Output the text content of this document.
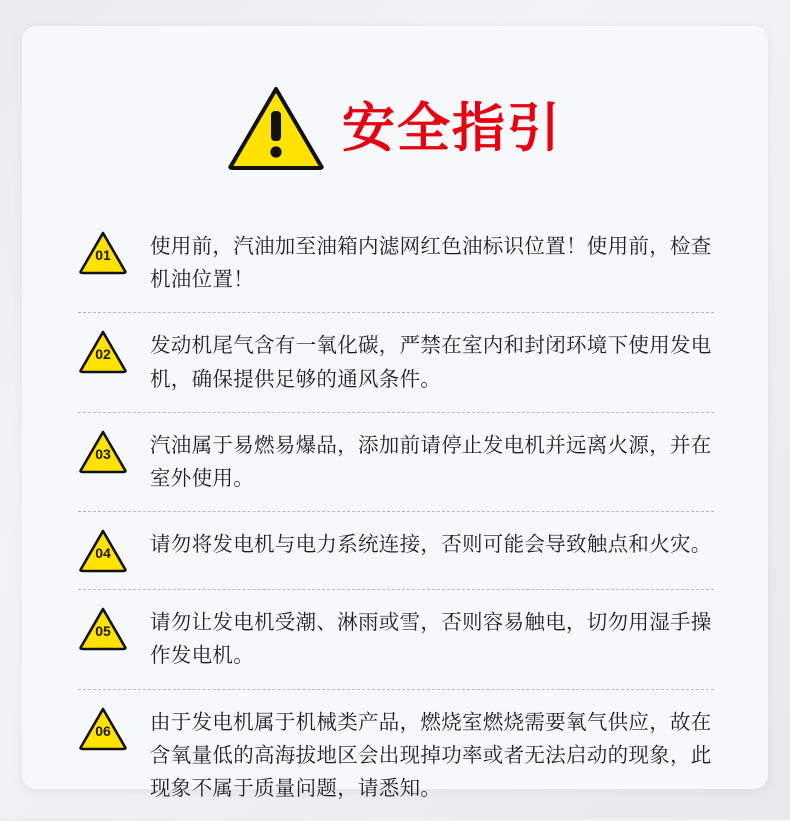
安全指引
01	使用前，汽油加至油箱内滤网红色油标识位置！使用前，检查机油位置！
02	发动机尾气含有一氧化碳，严禁在室内和封闭环境下使用发电机，确保提供足够的通风条件。
03	汽油属于易燃易爆品，添加前请停止发电机并远离火源，并在室外使用。
04	请勿将发电机与电力系统连接，否则可能会导致触点和火灾。
05	请勿让发电机受潮、淋雨或雪，否则容易触电，切勿用湿手操作发电机。
06	由于发电机属于机械类产品，燃烧室燃烧需要氧气供应，故在含氧量低的高海拔地区会出现掉功率或者无法启动的现象，此现象不属于质量问题，请悉知。
